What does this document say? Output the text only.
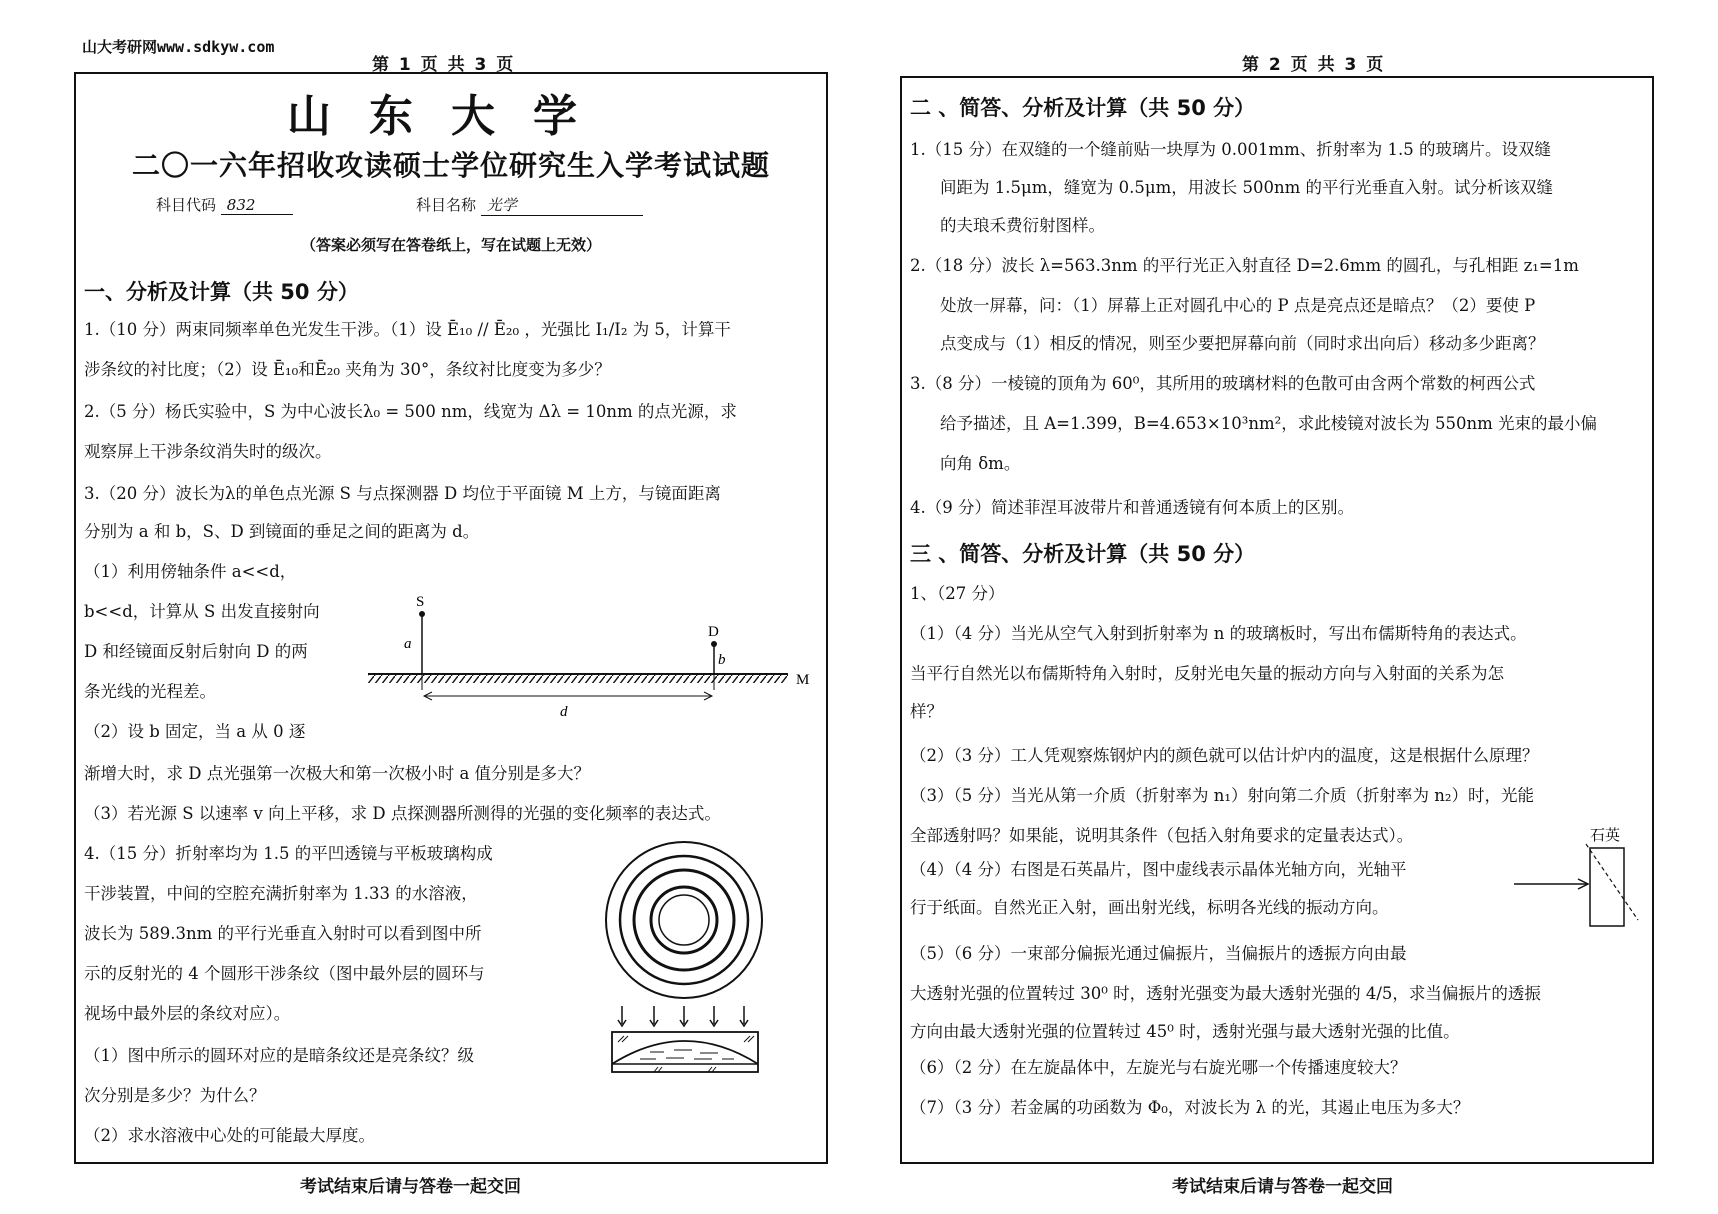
山大考研网www.sdkyw.com
第 1 页 共 3 页	第 2 页 共 3 页
山东大学
二〇一六年招收攻读硕士学位研究生入学考试试题
科目代码 832	科目名称 光学
（答案必须写在答卷纸上，写在试题上无效）
一、分析及计算（共 50 分）
1.（10 分）两束同频率单色光发生干涉。（1）设 Ē₁₀ // Ē₂₀ ，光强比 I₁/I₂ 为 5，计算干
涉条纹的衬比度；（2）设 Ē₁₀和Ē₂₀ 夹角为 30°，条纹衬比度变为多少？
2.（5 分）杨氏实验中，S 为中心波长λ₀ = 500 nm，线宽为 Δλ = 10nm 的点光源，求
观察屏上干涉条纹消失时的级次。
3.（20 分）波长为λ的单色点光源 S 与点探测器 D 均位于平面镜 M 上方，与镜面距离
分别为 a 和 b，S、D 到镜面的垂足之间的距离为 d。
（1）利用傍轴条件 a<<d，
b<<d，计算从 S 出发直接射向
D 和经镜面反射后射向 D 的两
条光线的光程差。
（2）设 b 固定，当 a 从 0 逐
渐增大时，求 D 点光强第一次极大和第一次极小时 a 值分别是多大？
（3）若光源 S 以速率 v 向上平移，求 D 点探测器所测得的光强的变化频率的表达式。
4.（15 分）折射率均为 1.5 的平凹透镜与平板玻璃构成
干涉装置，中间的空腔充满折射率为 1.33 的水溶液，
波长为 589.3nm 的平行光垂直入射时可以看到图中所
示的反射光的 4 个圆形干涉条纹（图中最外层的圆环与
视场中最外层的条纹对应）。
（1）图中所示的圆环对应的是暗条纹还是亮条纹？级
次分别是多少？为什么？
（2）求水溶液中心处的可能最大厚度。
S
a
D
b
M
d
二 、简答、分析及计算（共 50 分）
1.（15 分）在双缝的一个缝前贴一块厚为 0.001mm、折射率为 1.5 的玻璃片。设双缝
间距为 1.5μm，缝宽为 0.5μm，用波长 500nm 的平行光垂直入射。试分析该双缝
的夫琅禾费衍射图样。
2.（18 分）波长 λ=563.3nm 的平行光正入射直径 D=2.6mm 的圆孔，与孔相距 z₁=1m
处放一屏幕，问：（1）屏幕上正对圆孔中心的 P 点是亮点还是暗点？（2）要使 P
点变成与（1）相反的情况，则至少要把屏幕向前（同时求出向后）移动多少距离？
3.（8 分）一棱镜的顶角为 60⁰，其所用的玻璃材料的色散可由含两个常数的柯西公式
给予描述，且 A=1.399，B=4.653×10³nm²，求此棱镜对波长为 550nm 光束的最小偏
向角 δm。
4.（9 分）简述菲涅耳波带片和普通透镜有何本质上的区别。
三 、简答、分析及计算（共 50 分）
1、（27 分）
（1）（4 分）当光从空气入射到折射率为 n 的玻璃板时，写出布儒斯特角的表达式。
当平行自然光以布儒斯特角入射时，反射光电矢量的振动方向与入射面的关系为怎
样？
（2）（3 分）工人凭观察炼钢炉内的颜色就可以估计炉内的温度，这是根据什么原理？
（3）（5 分）当光从第一介质（折射率为 n₁）射向第二介质（折射率为 n₂）时，光能
全部透射吗？如果能，说明其条件（包括入射角要求的定量表达式）。
（4）（4 分）右图是石英晶片，图中虚线表示晶体光轴方向，光轴平
行于纸面。自然光正入射，画出射光线，标明各光线的振动方向。
（5）（6 分）一束部分偏振光通过偏振片，当偏振片的透振方向由最
大透射光强的位置转过 30⁰ 时，透射光强变为最大透射光强的 4/5，求当偏振片的透振
方向由最大透射光强的位置转过 45⁰ 时，透射光强与最大透射光强的比值。
（6）（2 分）在左旋晶体中，左旋光与右旋光哪一个传播速度较大？
（7）（3 分）若金属的功函数为 Φ₀，对波长为 λ 的光，其遏止电压为多大？
石英
考试结束后请与答卷一起交回	考试结束后请与答卷一起交回
